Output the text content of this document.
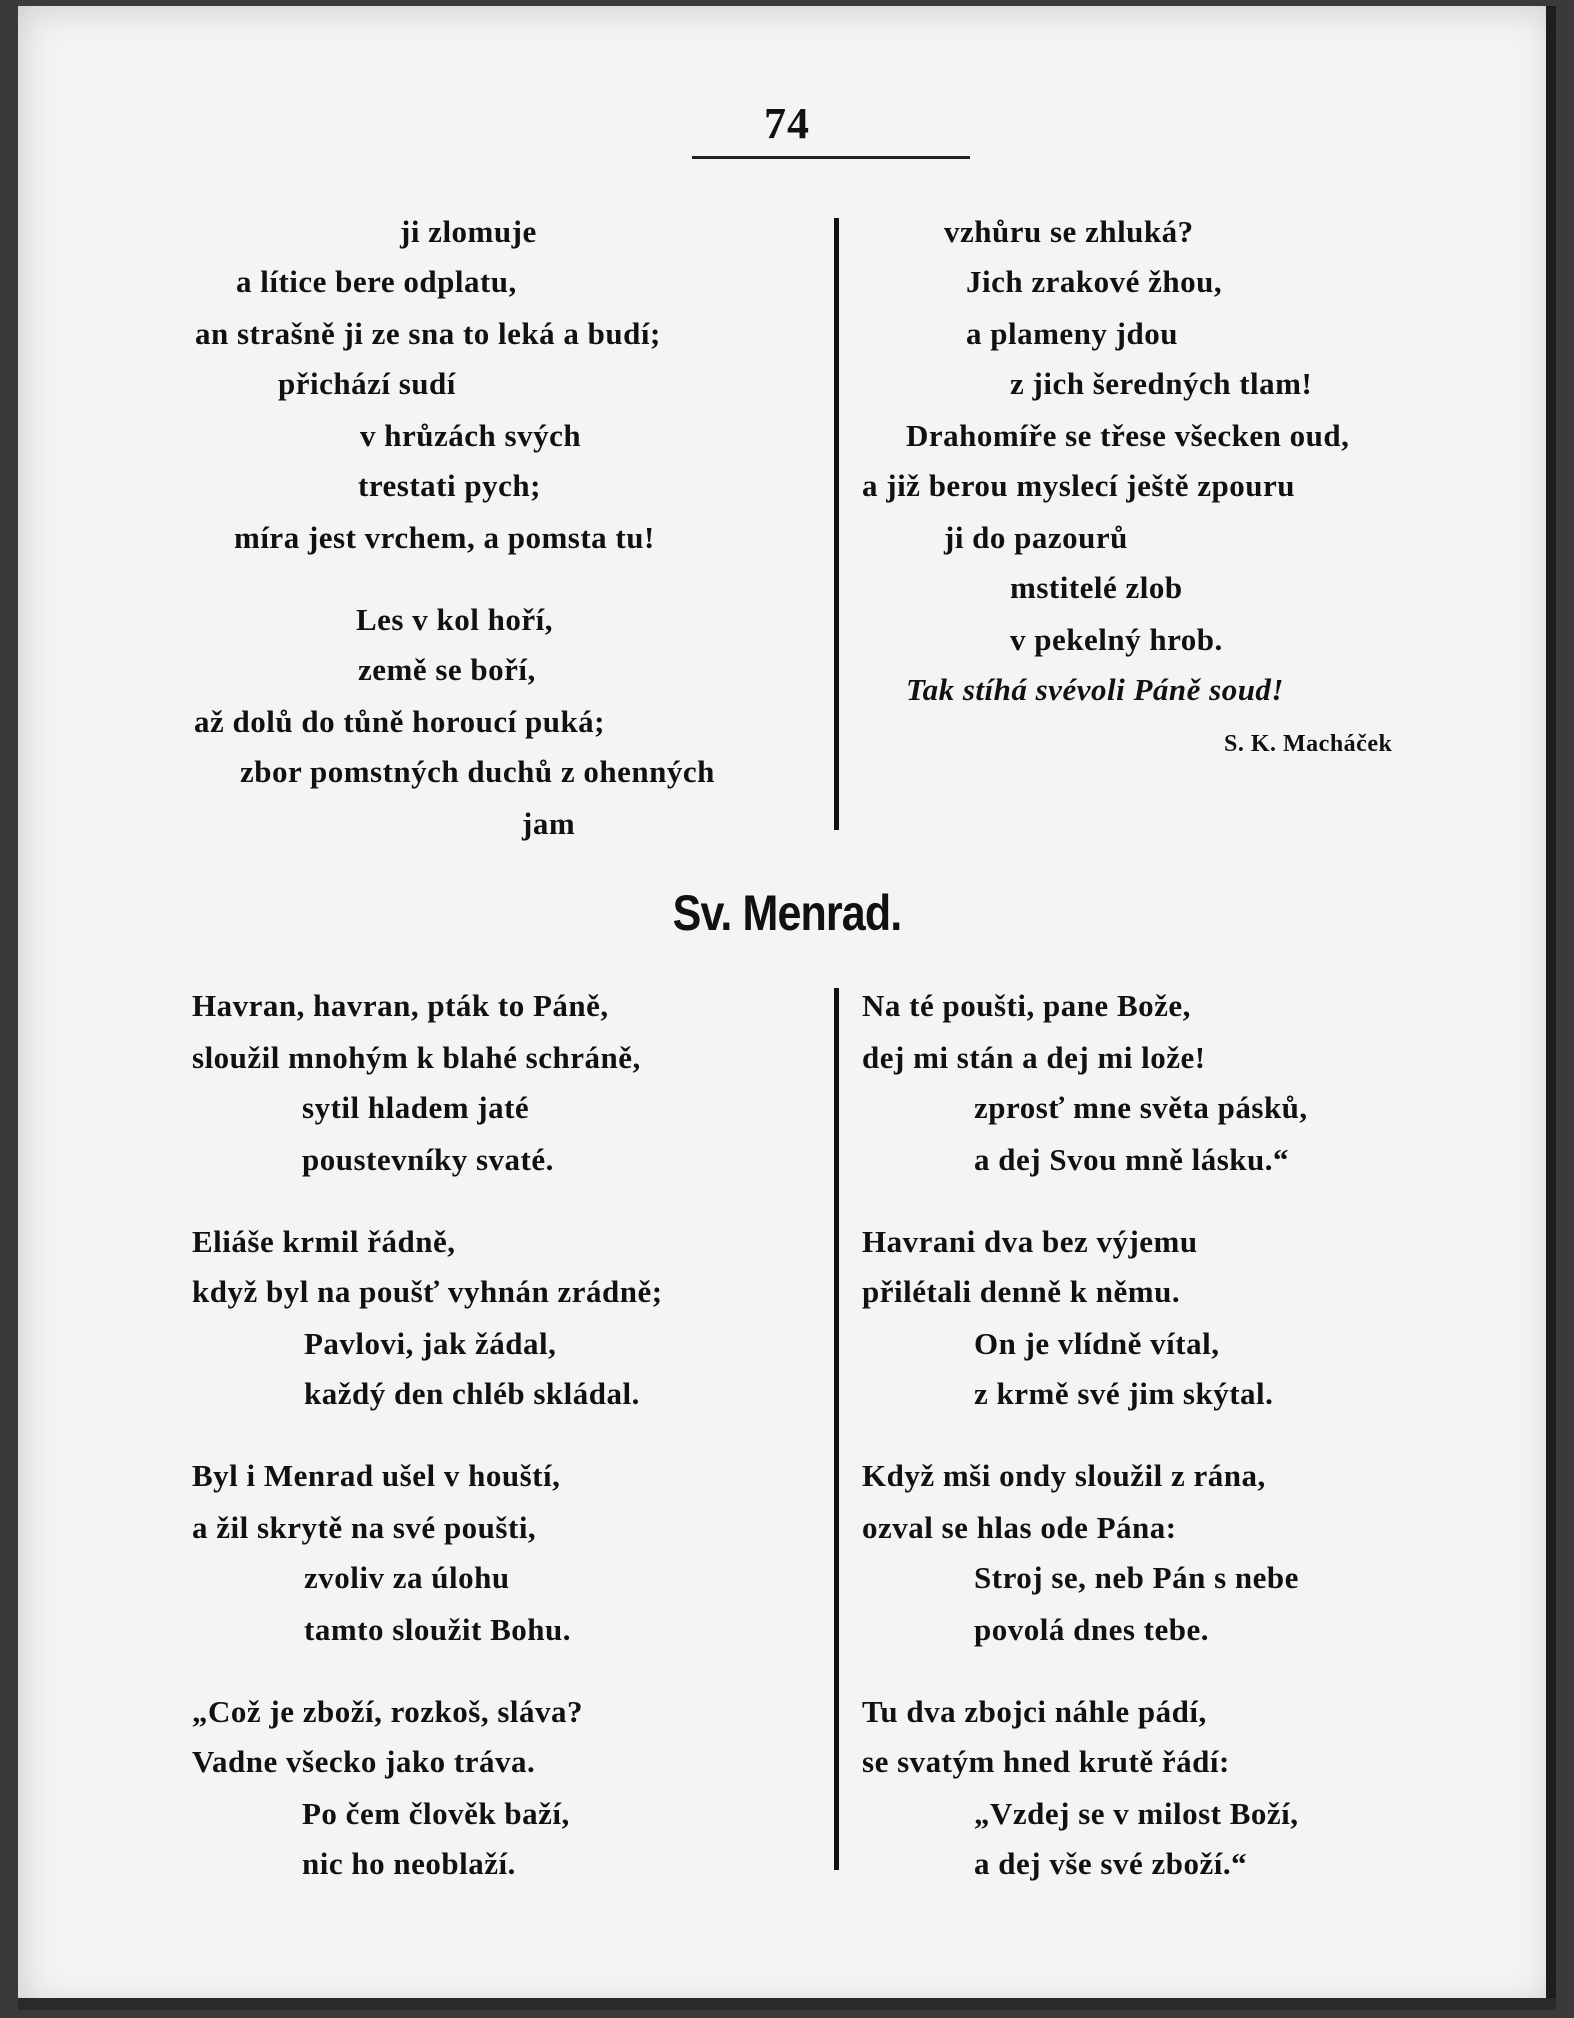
74
ji zlomuje
a lítice bere odplatu,
an strašně ji ze sna to leká a budí;
přichází sudí
v hrůzách svých
trestati pych;
míra jest vrchem, a pomsta tu!
Les v kol hoří,
země se boří,
až dolů do tůně horoucí puká;
zbor pomstných duchů z ohenných
jam
vzhůru se zhluká?
Jich zrakové žhou,
a plameny jdou
z jich šeredných tlam!
Drahomíře se třese všecken oud,
a již berou myslecí ještě zpouru
ji do pazourů
mstitelé zlob
v pekelný hrob.
Tak stíhá svévoli Páně soud!
S. K. Macháček
Sv. Menrad.
Havran, havran, pták to Páně,
sloužil mnohým k blahé schráně,
sytil hladem jaté
poustevníky svaté.
Eliáše krmil řádně,
když byl na poušť vyhnán zrádně;
Pavlovi, jak žádal,
každý den chléb skládal.
Byl i Menrad ušel v houští,
a žil skrytě na své poušti,
zvoliv za úlohu
tamto sloužit Bohu.
„Což je zboží, rozkoš, sláva?
Vadne všecko jako tráva.
Po čem člověk baží,
nic ho neoblaží.
Na té poušti, pane Bože,
dej mi stán a dej mi lože!
zprosť mne světa pásků,
a dej Svou mně lásku.“
Havrani dva bez výjemu
přilétali denně k němu.
On je vlídně vítal,
z krmě své jim skýtal.
Když mši ondy sloužil z rána,
ozval se hlas ode Pána:
Stroj se, neb Pán s nebe
povolá dnes tebe.
Tu dva zbojci náhle pádí,
se svatým hned krutě řádí:
„Vzdej se v milost Boží,
a dej vše své zboží.“
